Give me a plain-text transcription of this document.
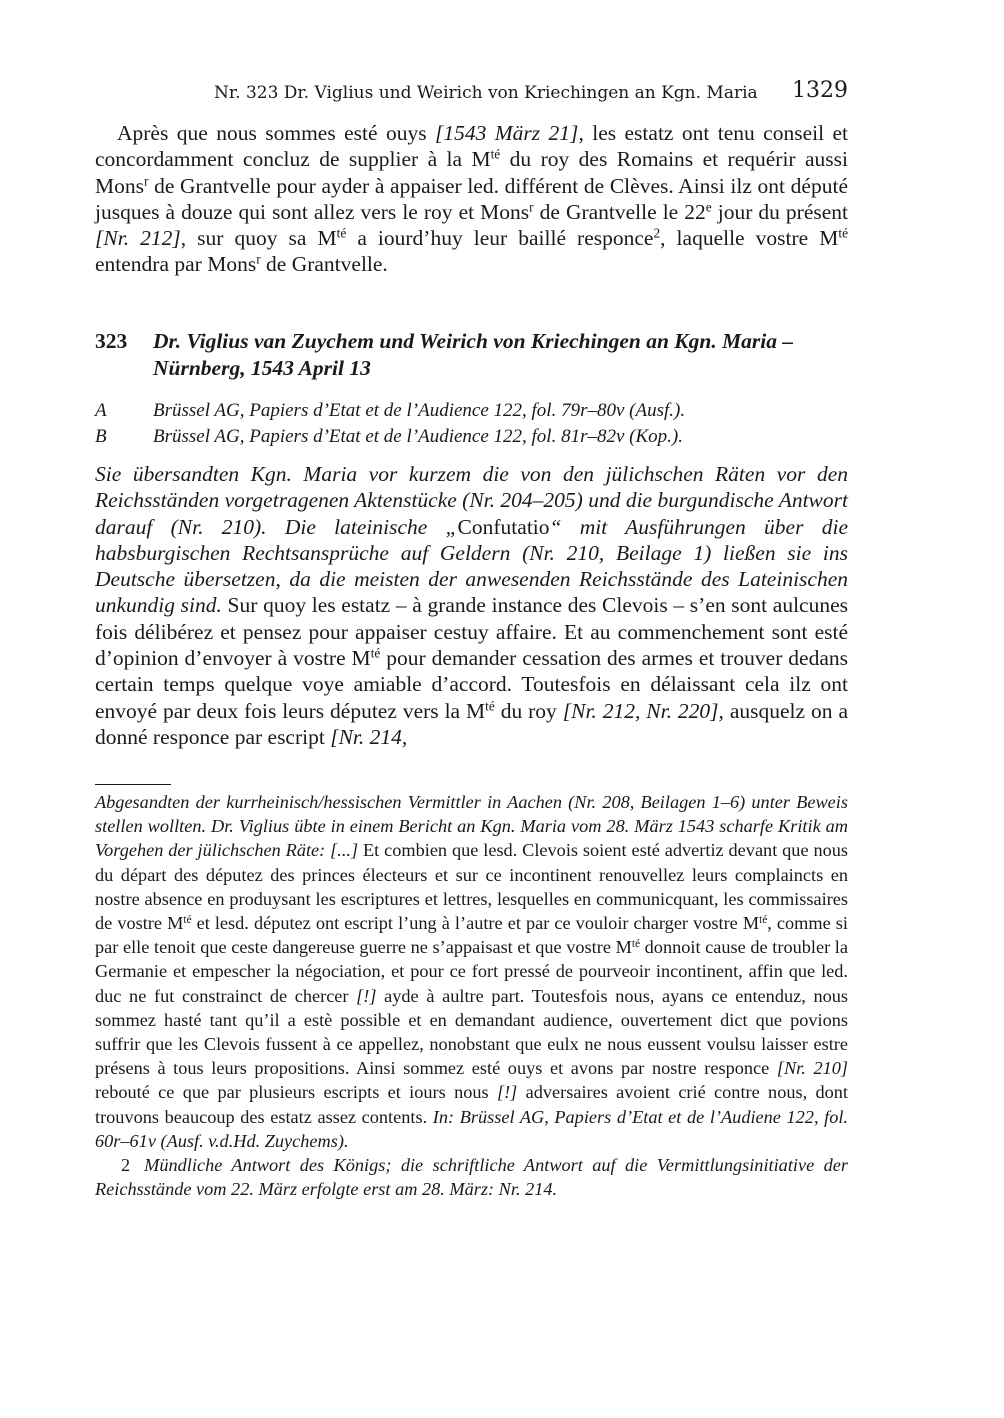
Nr. 323 Dr. Viglius und Weirich von Kriechingen an Kgn. Maria 1329

Après que nous sommes esté ouys [1543 März 21], les estatz ont tenu conseil et concordamment concluz de supplier à la $M^{té}$ du roy des Romains et requérir aussi Mons$^r$ de Grantvelle pour ayder à appaiser led. différent de Clèves. Ainsi ilz ont député jusques à douze qui sont allez vers le roy et Mons$^r$ de Grantvelle le 22e jour du présent [Nr. 212], sur quoy sa $M^{té}$ a iourd’huy leur baillé responce$^2$, laquelle vostre $M^{té}$ entendra par Mons$^r$ de Grantvelle.

323 Dr. Viglius van Zuychem und Weirich von Kriechingen an Kgn. Maria – Nürnberg, 1543 April 13
A Brüssel AG, Papiers d’Etat et de l’Audience 122, fol. 79r–80v (Ausf.).
B Brüssel AG, Papiers d’Etat et de l’Audience 122, fol. 81r–82v (Kop.).

Sie übersandten Kgn. Maria vor kurzem die von den jülichschen Räten vor den Reichsständen vorgetragenen Aktenstücke (Nr. 204–205) und die burgundische Antwort darauf (Nr. 210). Die lateinische „Confutatio“ mit Ausführungen über die habsburgischen Rechtsansprüche auf Geldern (Nr. 210, Beilage 1) ließen sie ins Deutsche übersetzen, da die meisten der anwesenden Reichsstände des Lateinischen unkundig sind. Sur quoy les estatz – à grande instance des Clevois – s’en sont aulcunes fois délibérez et pensez pour appaiser cestuy affaire. Et au commenchement sont esté d’opinion d’envoyer à vostre $M^{té}$ pour demander cessation des armes et trouver dedans certain temps quelque voye amiable d’accord. Toutesfois en délaissant cela ilz ont envoyé par deux fois leurs députez vers la $M^{té}$ du roy [Nr. 212, Nr. 220], ausquelz on a donné responce par escript [Nr. 214,

Abgesandten der kurrheinisch/hessischen Vermittler in Aachen (Nr. 208, Beilagen 1–6) unter Beweis stellen wollten. Dr. Viglius übte in einem Bericht an Kgn. Maria vom 28. März 1543 scharfe Kritik am Vorgehen der jülichschen Räte: [...] Et combien que lesd. Clevois soient esté advertiz devant que nous du départ des députez des princes électeurs et sur ce incontinent renouvellez leurs complaincts en nostre absence en produysant les escriptures et lettres, lesquelles en communicquant, les commissaires de vostre $M^{té}$ et lesd. députez ont escript l’ung à l’autre et par ce vouloir charger vostre $M^{té}$, comme si par elle tenoit que ceste dangereuse guerre ne s’appaisast et que vostre $M^{té}$ donnoit cause de troubler la Germanie et empescher la négociation, et pour ce fort pressé de pourveoir incontinent, affin que led. duc ne fut constrainct de chercer [!] ayde à aultre part. Toutesfois nous, ayans ce entenduz, nous sommez hasté tant qu’il a estè possible et en demandant audience, ouvertement dict que povions suffrir que les Clevois fussent à ce appellez, nonobstant que eulx ne nous eussent voulsu laisser estre présens à tous leurs propositions. Ainsi sommez esté ouys et avons par nostre responce [Nr. 210] rebouté ce que par plusieurs escripts et iours nous [!] adversaires avoient crié contre nous, dont trouvons beaucoup des estatz assez contents. In: Brüssel AG, Papiers d’Etat et de l’Audiene 122, fol. 60r–61v (Ausf. v.d.Hd. Zuychems).

2 Mündliche Antwort des Königs; die schriftliche Antwort auf die Vermittlungsinitiative der Reichsstände vom 22. März erfolgte erst am 28. März: Nr. 214.
